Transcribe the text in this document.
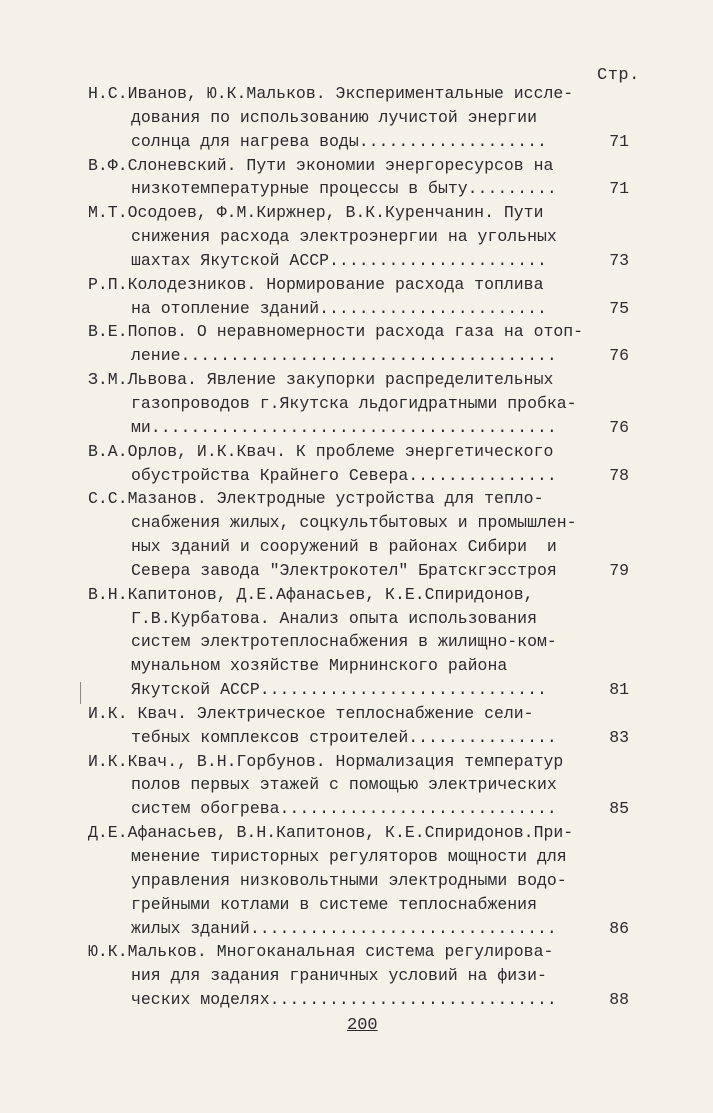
Стр.
Н.С.Иванов, Ю.К.Мальков. Экспериментальные иссле-
дования по использованию лучистой энергии
солнца для нагрева воды...................	71
В.Ф.Слоневский. Пути экономии энергоресурсов на
низкотемпературные процессы в быту.........	71
М.Т.Осодоев, Ф.М.Киржнер, В.К.Куренчанин. Пути
снижения расхода электроэнергии на угольных
шахтах Якутской АССР......................	73
Р.П.Колодезников. Нормирование расхода топлива
на отопление зданий.......................	75
В.Е.Попов. О неравномерности расхода газа на отоп-
ление......................................	76
З.М.Львова. Явление закупорки распределительных
газопроводов г.Якутска льдогидратными пробка-
ми.........................................	76
В.А.Орлов, И.К.Квач. К проблеме энергетического
обустройства Крайнего Севера...............	78
С.С.Мазанов. Электродные устройства для тепло-
снабжения жилых, соцкультбытовых и промышлен-
ных зданий и сооружений в районах Сибири  и
Севера завода "Электрокотел" Братскгэсстроя	79
В.Н.Капитонов, Д.Е.Афанасьев, К.Е.Спиридонов,
Г.В.Курбатова. Анализ опыта использования
систем электротеплоснабжения в жилищно-ком-
мунальном хозяйстве Мирнинского района
Якутской АССР.............................	81
И.К. Квач. Электрическое теплоснабжение сели-
тебных комплексов строителей...............	83
И.К.Квач., В.Н.Горбунов. Нормализация температур
полов первых этажей с помощью электрических
систем обогрева............................	85
Д.Е.Афанасьев, В.Н.Капитонов, К.Е.Спиридонов.При-
менение тиристорных регуляторов мощности для
управления низковольтными электродными водо-
грейными котлами в системе теплоснабжения
жилых зданий...............................	86
Ю.К.Мальков. Многоканальная система регулирова-
ния для задания граничных условий на физи-
ческих моделях.............................	88
200
